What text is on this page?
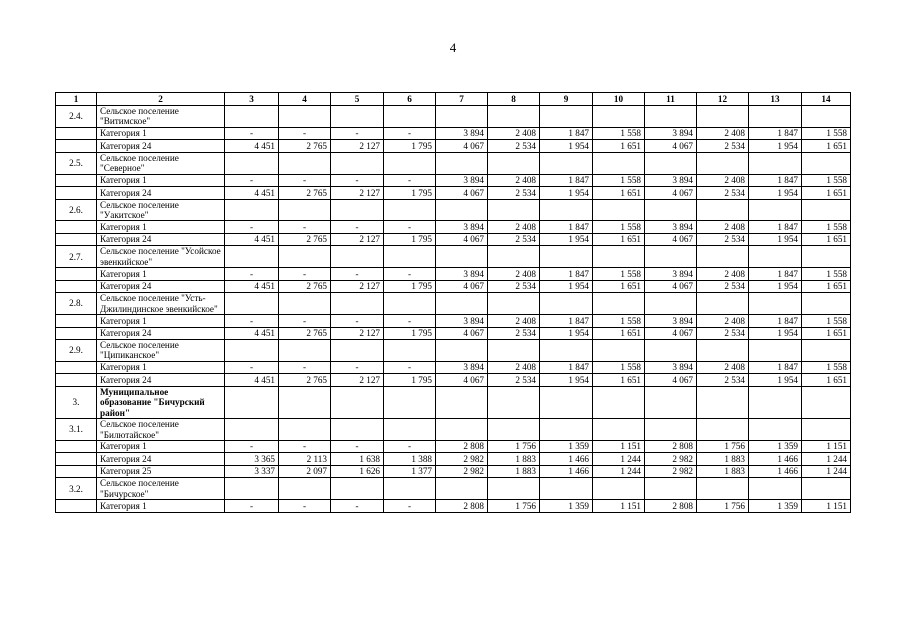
4
1	2	3	4	5	6	7	8	9	10	11	12	13	14
2.4.	Сельское поселение "Витимское"												
	Категория 1	-	-	-	-	3 894	2 408	1 847	1 558	3 894	2 408	1 847	1 558
	Категория 24	4 451	2 765	2 127	1 795	4 067	2 534	1 954	1 651	4 067	2 534	1 954	1 651
2.5.	Сельское поселение "Северное"												
	Категория 1	-	-	-	-	3 894	2 408	1 847	1 558	3 894	2 408	1 847	1 558
	Категория 24	4 451	2 765	2 127	1 795	4 067	2 534	1 954	1 651	4 067	2 534	1 954	1 651
2.6.	Сельское поселение "Уакитское"												
	Категория 1	-	-	-	-	3 894	2 408	1 847	1 558	3 894	2 408	1 847	1 558
	Категория 24	4 451	2 765	2 127	1 795	4 067	2 534	1 954	1 651	4 067	2 534	1 954	1 651
2.7.	Сельское поселение "Усойское эвенкийское"												
	Категория 1	-	-	-	-	3 894	2 408	1 847	1 558	3 894	2 408	1 847	1 558
	Категория 24	4 451	2 765	2 127	1 795	4 067	2 534	1 954	1 651	4 067	2 534	1 954	1 651
2.8.	Сельское поселение "Усть-Джилиндинское эвенкийское"												
	Категория 1	-	-	-	-	3 894	2 408	1 847	1 558	3 894	2 408	1 847	1 558
	Категория 24	4 451	2 765	2 127	1 795	4 067	2 534	1 954	1 651	4 067	2 534	1 954	1 651
2.9.	Сельское поселение "Ципиканское"												
	Категория 1	-	-	-	-	3 894	2 408	1 847	1 558	3 894	2 408	1 847	1 558
	Категория 24	4 451	2 765	2 127	1 795	4 067	2 534	1 954	1 651	4 067	2 534	1 954	1 651
3.	Муниципальное образование "Бичурский район"												
3.1.	Сельское поселение "Билютайское"												
	Категория 1	-	-	-	-	2 808	1 756	1 359	1 151	2 808	1 756	1 359	1 151
	Категория 24	3 365	2 113	1 638	1 388	2 982	1 883	1 466	1 244	2 982	1 883	1 466	1 244
	Категория 25	3 337	2 097	1 626	1 377	2 982	1 883	1 466	1 244	2 982	1 883	1 466	1 244
3.2.	Сельское поселение "Бичурское"												
	Категория 1	-	-	-	-	2 808	1 756	1 359	1 151	2 808	1 756	1 359	1 151
